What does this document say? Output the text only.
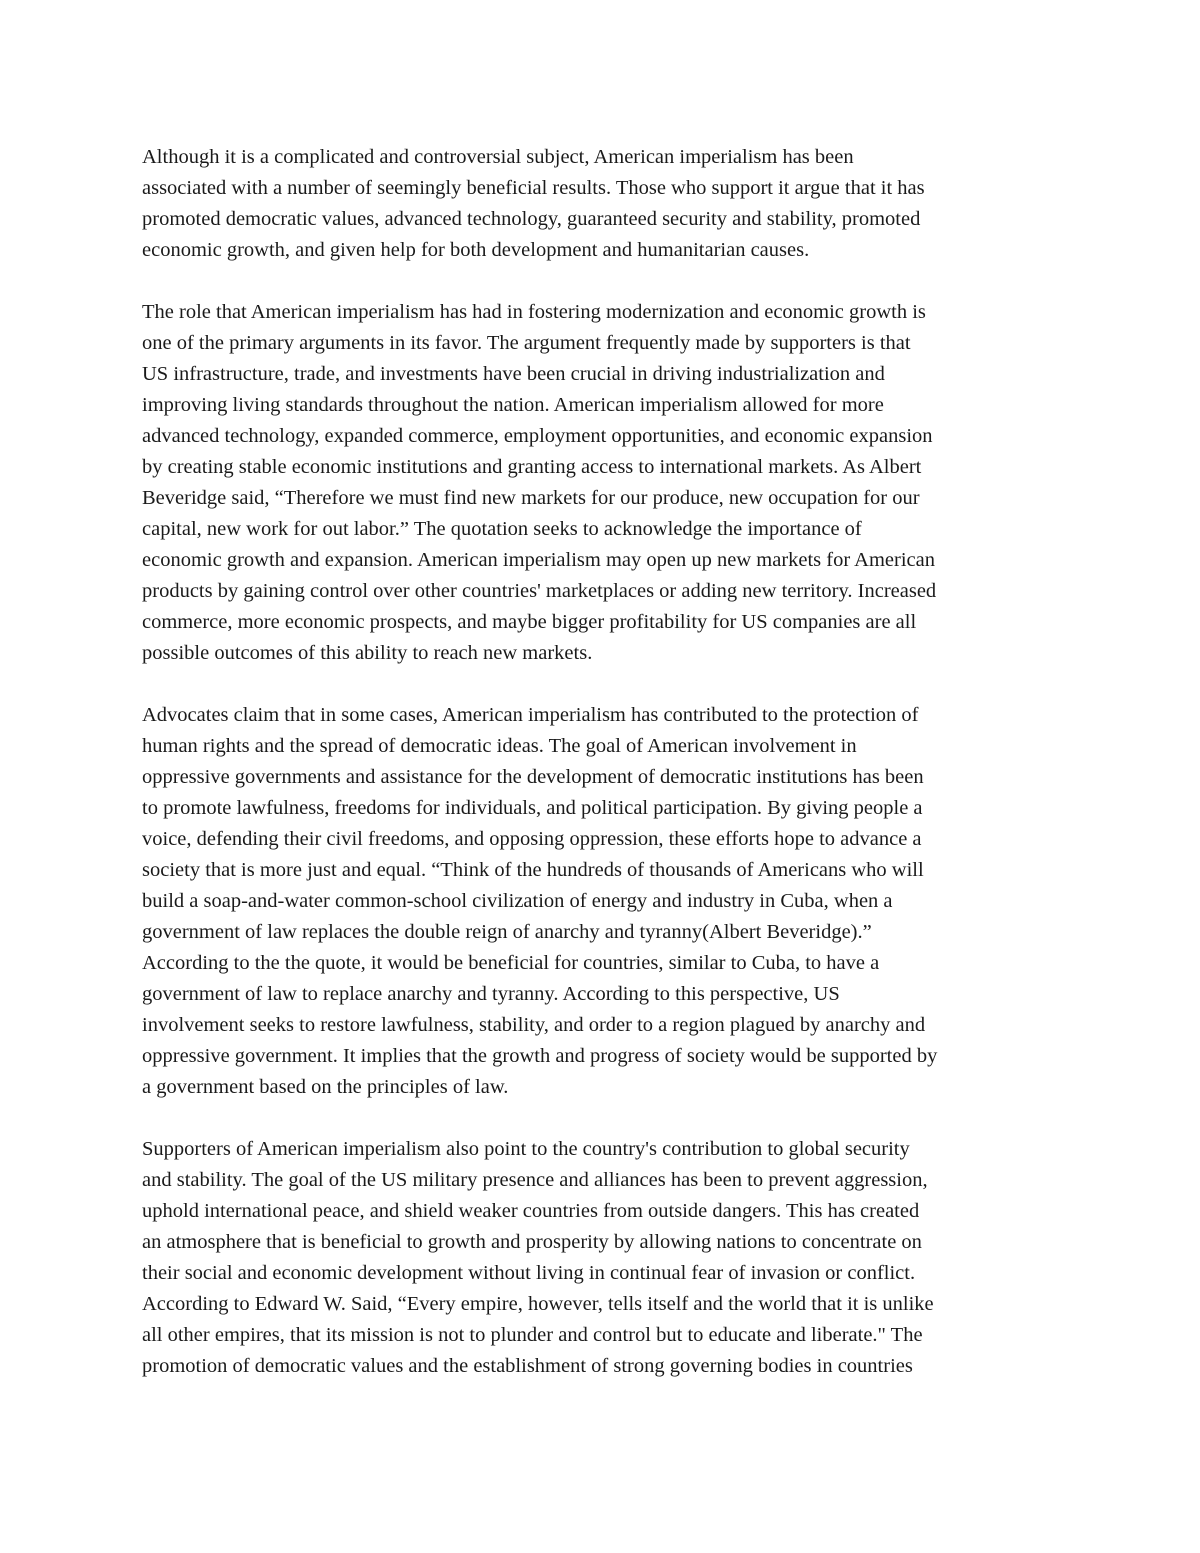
Although it is a complicated and controversial subject, American imperialism has been
associated with a number of seemingly beneficial results. Those who support it argue that it has
promoted democratic values, advanced technology, guaranteed security and stability, promoted
economic growth, and given help for both development and humanitarian causes.

The role that American imperialism has had in fostering modernization and economic growth is
one of the primary arguments in its favor. The argument frequently made by supporters is that
US infrastructure, trade, and investments have been crucial in driving industrialization and
improving living standards throughout the nation. American imperialism allowed for more
advanced technology, expanded commerce, employment opportunities, and economic expansion
by creating stable economic institutions and granting access to international markets. As Albert
Beveridge said, “Therefore we must find new markets for our produce, new occupation for our
capital, new work for out labor.” The quotation seeks to acknowledge the importance of
economic growth and expansion. American imperialism may open up new markets for American
products by gaining control over other countries' marketplaces or adding new territory. Increased
commerce, more economic prospects, and maybe bigger profitability for US companies are all
possible outcomes of this ability to reach new markets.

Advocates claim that in some cases, American imperialism has contributed to the protection of
human rights and the spread of democratic ideas. The goal of American involvement in
oppressive governments and assistance for the development of democratic institutions has been
to promote lawfulness, freedoms for individuals, and political participation. By giving people a
voice, defending their civil freedoms, and opposing oppression, these efforts hope to advance a
society that is more just and equal. “Think of the hundreds of thousands of Americans who will
build a soap-and-water common-school civilization of energy and industry in Cuba, when a
government of law replaces the double reign of anarchy and tyranny(Albert Beveridge).”
According to the the quote, it would be beneficial for countries, similar to Cuba, to have a
government of law to replace anarchy and tyranny. According to this perspective, US
involvement seeks to restore lawfulness, stability, and order to a region plagued by anarchy and
oppressive government. It implies that the growth and progress of society would be supported by
a government based on the principles of law.

Supporters of American imperialism also point to the country's contribution to global security
and stability. The goal of the US military presence and alliances has been to prevent aggression,
uphold international peace, and shield weaker countries from outside dangers. This has created
an atmosphere that is beneficial to growth and prosperity by allowing nations to concentrate on
their social and economic development without living in continual fear of invasion or conflict.
According to Edward W. Said, “Every empire, however, tells itself and the world that it is unlike
all other empires, that its mission is not to plunder and control but to educate and liberate." The
promotion of democratic values and the establishment of strong governing bodies in countries
